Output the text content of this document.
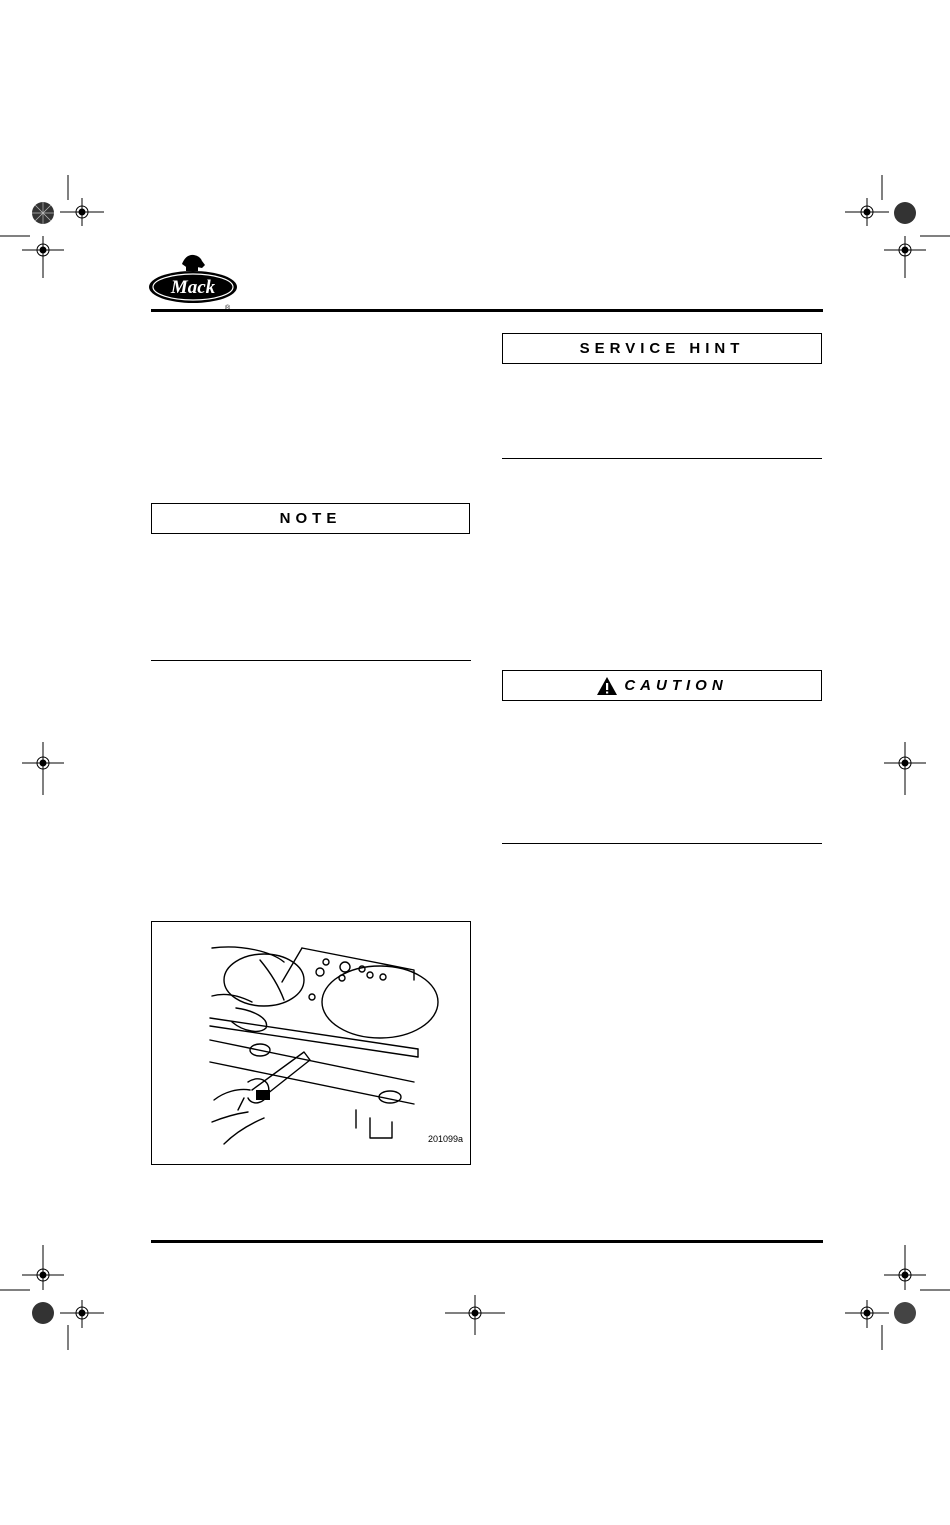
Mack
SERVICE HINT
NOTE
CAUTION
201099a
